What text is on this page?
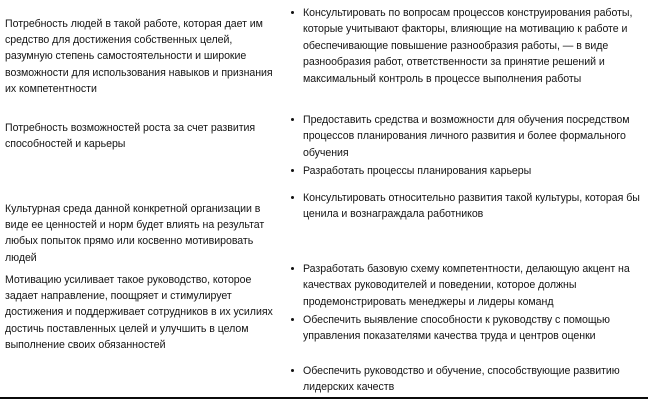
Потребность людей в такой работе, которая дает им средство для достижения собственных целей, разумную степень самостоятельности и широкие возможности для использования навыков и признания их компетентности

Потребность возможностей роста за счет развития способностей и карьеры

Культурная среда данной конкретной организации в виде ее ценностей и норм будет влиять на результат любых попыток прямо или косвенно мотивировать людей

Мотивацию усиливает такое руководство, которое задает направление, поощряет и стимулирует достижения и поддерживает сотрудников в их усилиях достичь поставленных целей и улучшить в целом выполнение своих обязанностей

Консультировать по вопросам процессов конструирования работы, которые учитывают факторы, влияющие на мотивацию к работе и обеспечивающие повышение разнообразия работы, — в виде разнообразия работ, ответственности за принятие решений и максимальный контроль в процессе выполнения работы
Предоставить средства и возможности для обучения посредством процессов планирования личного развития и более формального обучения
Разработать процессы планирования карьеры
Консультировать относительно развития такой культуры, которая бы ценила и вознаграждала работников
Разработать базовую схему компетентности, делающую акцент на качествах руководителей и поведении, которое должны продемонстрировать менеджеры и лидеры команд
Обеспечить выявление способности к руководству с помощью управления показателями качества труда и центров оценки
Обеспечить руководство и обучение, способствующие развитию лидерских качеств
